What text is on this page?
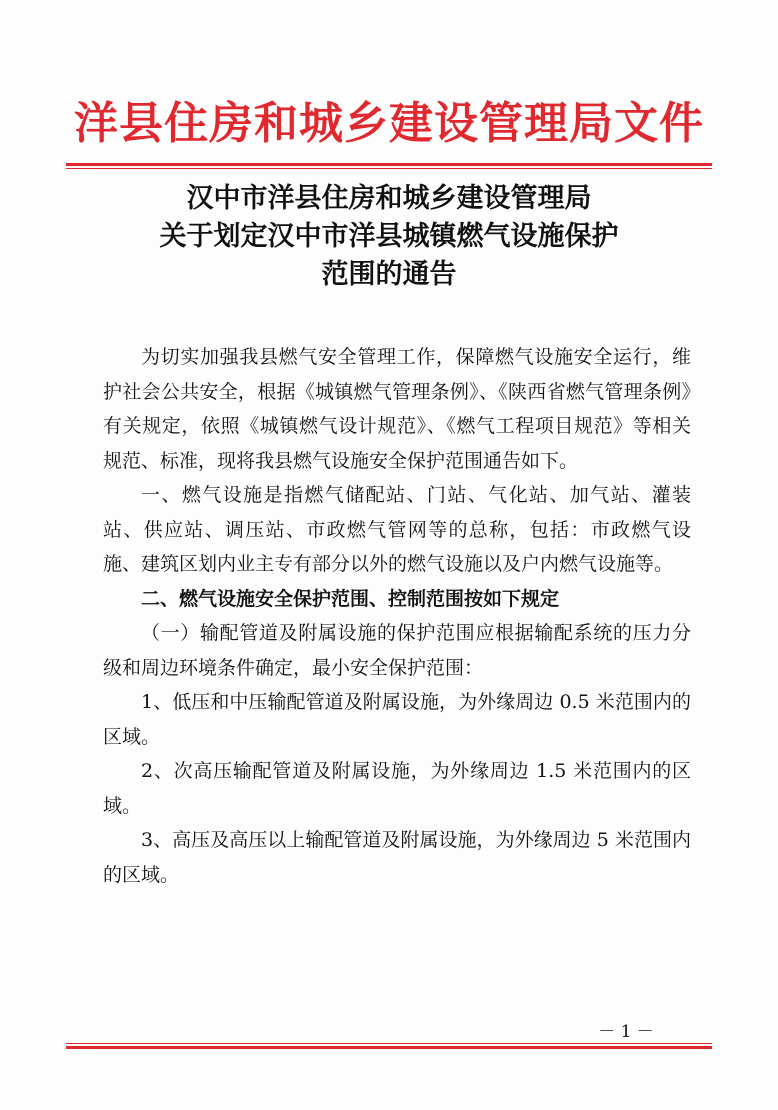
洋县住房和城乡建设管理局文件
汉中市洋县住房和城乡建设管理局
关于划定汉中市洋县城镇燃气设施保护
范围的通告

为切实加强我县燃气安全管理工作，保障燃气设施安全运行，维护社会公共安全，根据《城镇燃气管理条例》、《陕西省燃气管理条例》有关规定，依照《城镇燃气设计规范》、《燃气工程项目规范》等相关规范、标准，现将我县燃气设施安全保护范围通告如下。

一、燃气设施是指燃气储配站、门站、气化站、加气站、灌装站、供应站、调压站、市政燃气管网等的总称，包括：市政燃气设施、建筑区划内业主专有部分以外的燃气设施以及户内燃气设施等。

二、燃气设施安全保护范围、控制范围按如下规定

（一）输配管道及附属设施的保护范围应根据输配系统的压力分级和周边环境条件确定，最小安全保护范围：

1、低压和中压输配管道及附属设施，为外缘周边 0.5 米范围内的区域。

2、次高压输配管道及附属设施，为外缘周边 1.5 米范围内的区域。

3、高压及高压以上输配管道及附属设施，为外缘周边 5 米范围内的区域。

－ 1 －
